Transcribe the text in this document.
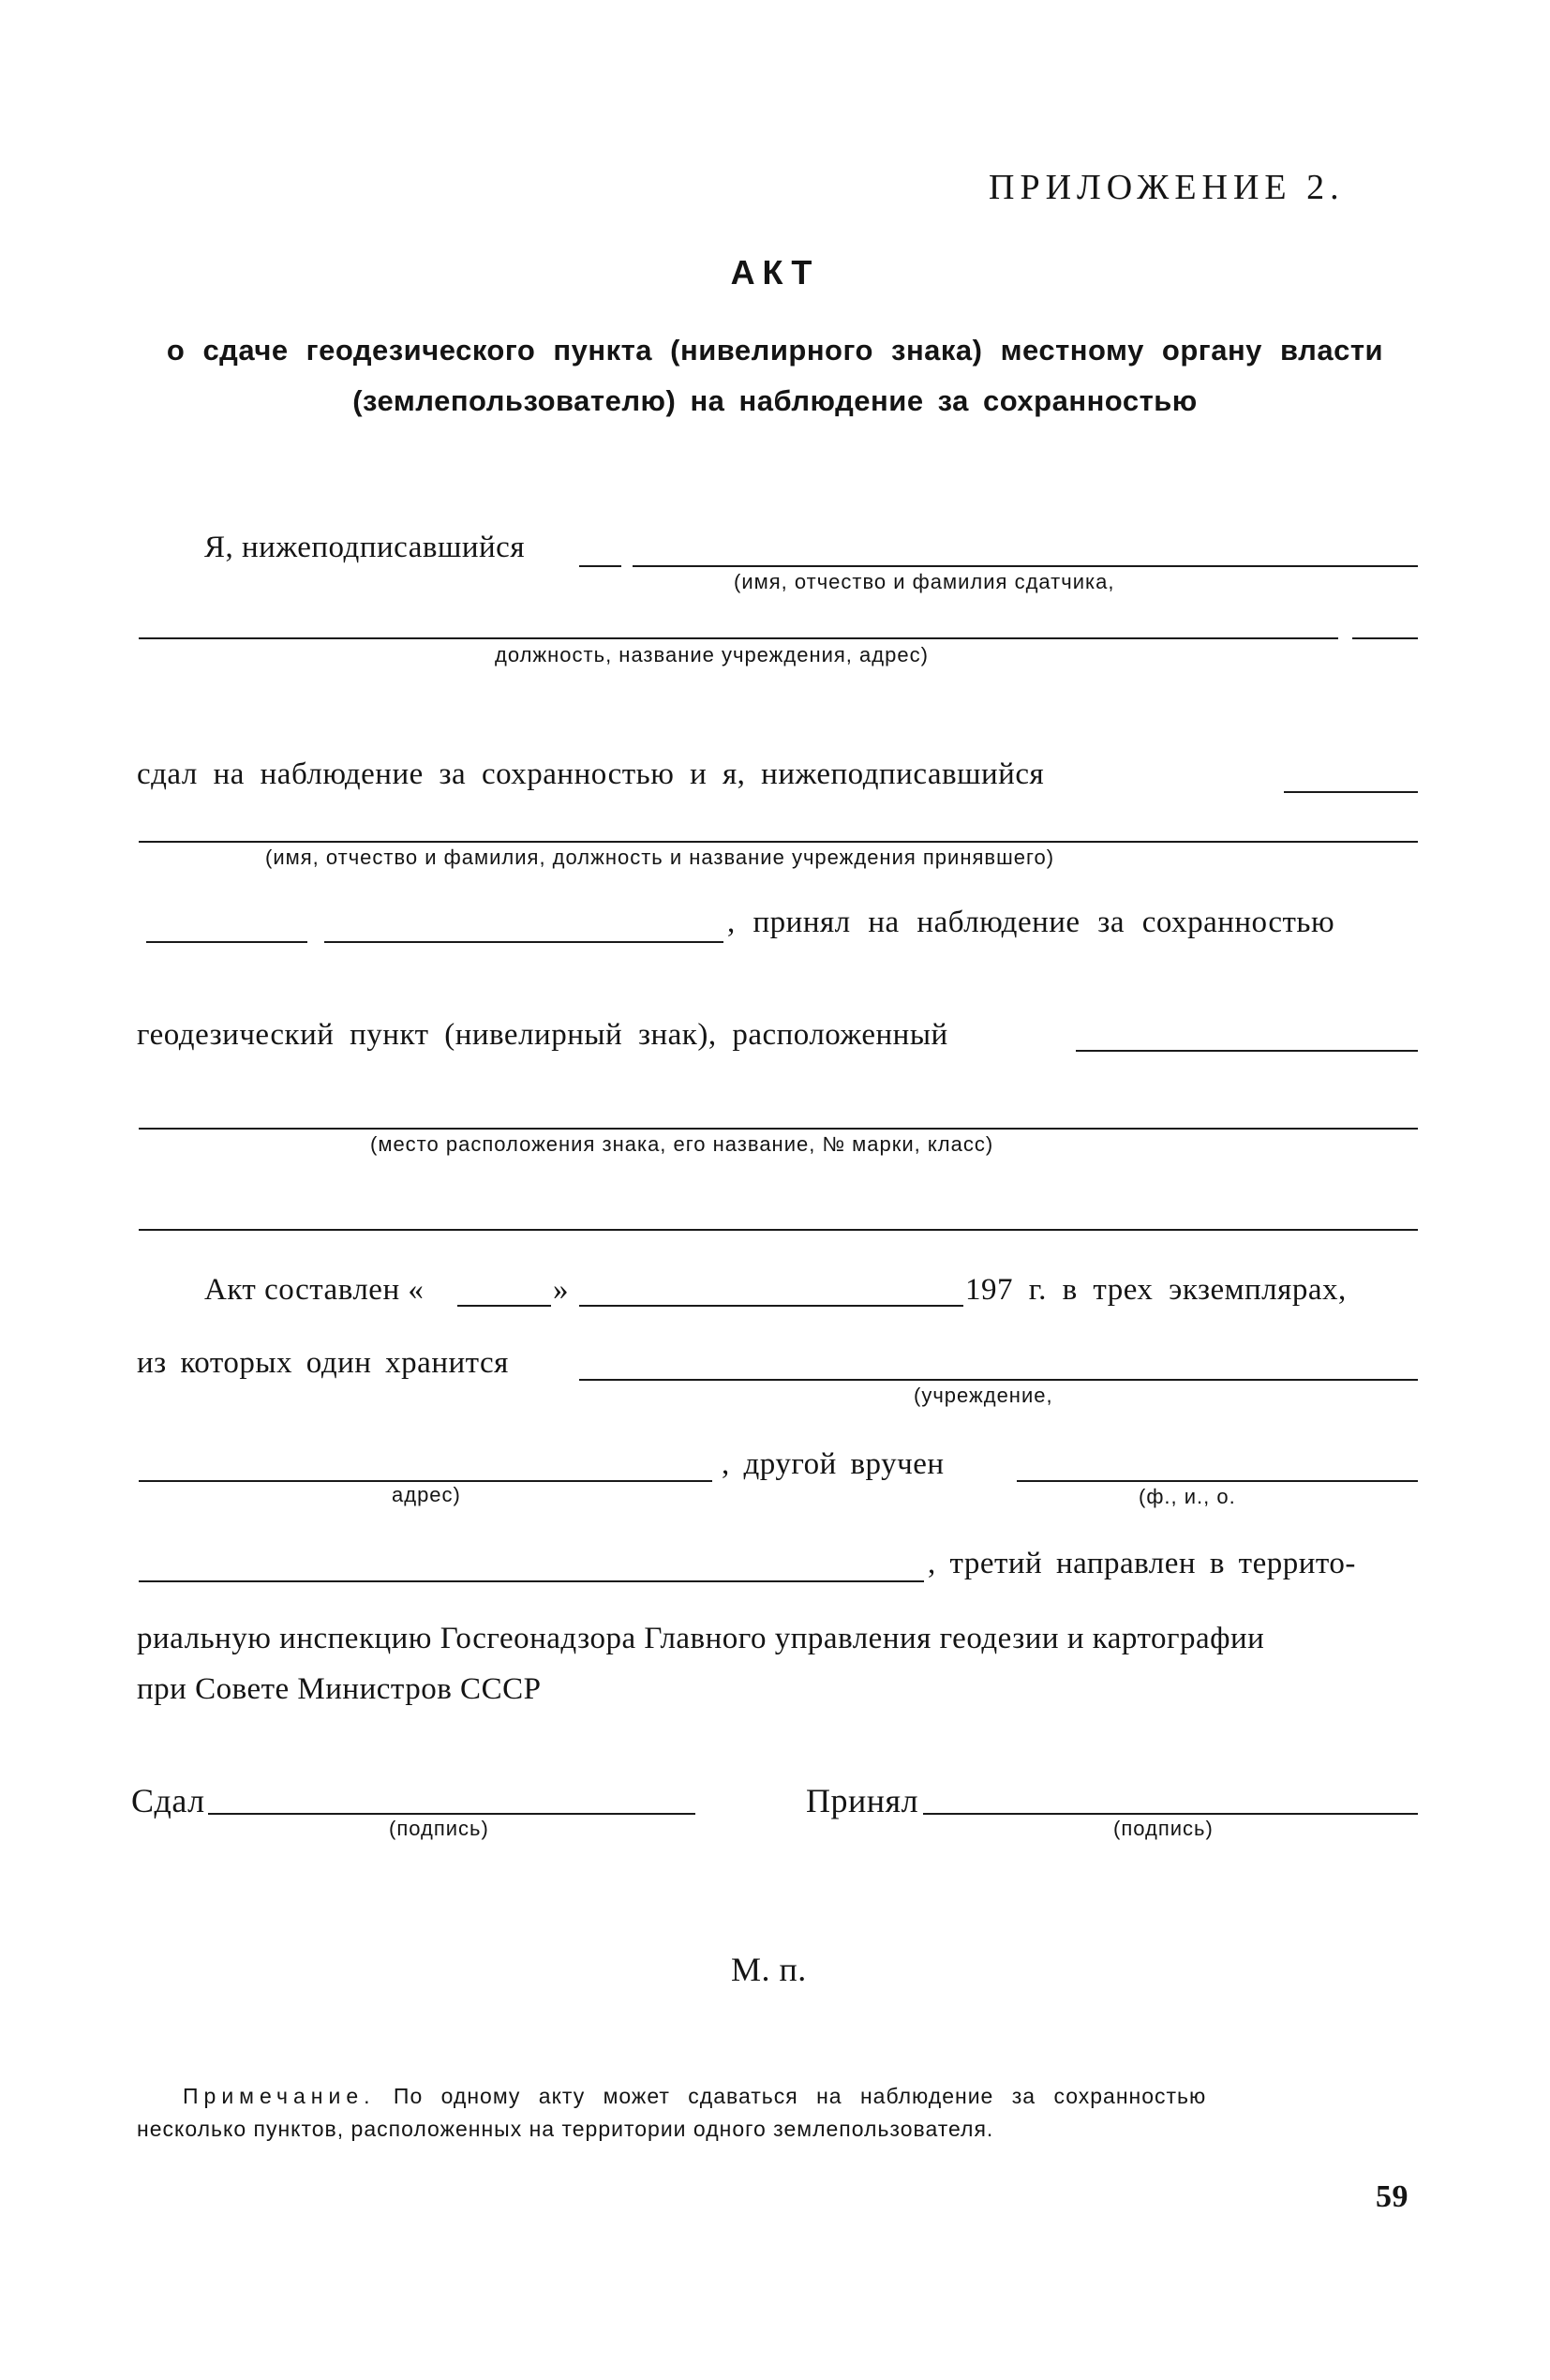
ПРИЛОЖЕНИЕ 2.
АКТ
о сдаче геодезического пункта (нивелирного знака) местному органу власти
(землепользователю) на наблюдение за сохранностью
Я, нижеподписавшийся
(имя, отчество и фамилия сдатчика,
должность, название учреждения, адрес)
сдал на наблюдение за сохранностью и я, нижеподписавшийся
(имя, отчество и фамилия, должность и название учреждения принявшего)
, принял на наблюдение за сохранностью
геодезический пункт (нивелирный знак), расположенный
(место расположения знака, его название, № марки, класс)
Акт составлен «	»	197 г. в трех экземплярах,
из которых один хранится
(учреждение,
адрес)
, другой вручен
(ф., и., о.
, третий направлен в террито-
риальную инспекцию Госгеонадзора Главного управления геодезии и картографии
при Совете Министров СССР
Сдал
(подпись)
Принял
(подпись)
М. п.
Примечание. По одному акту может сдаваться на наблюдение за сохранностью
несколько пунктов, расположенных на территории одного землепользователя.
59
